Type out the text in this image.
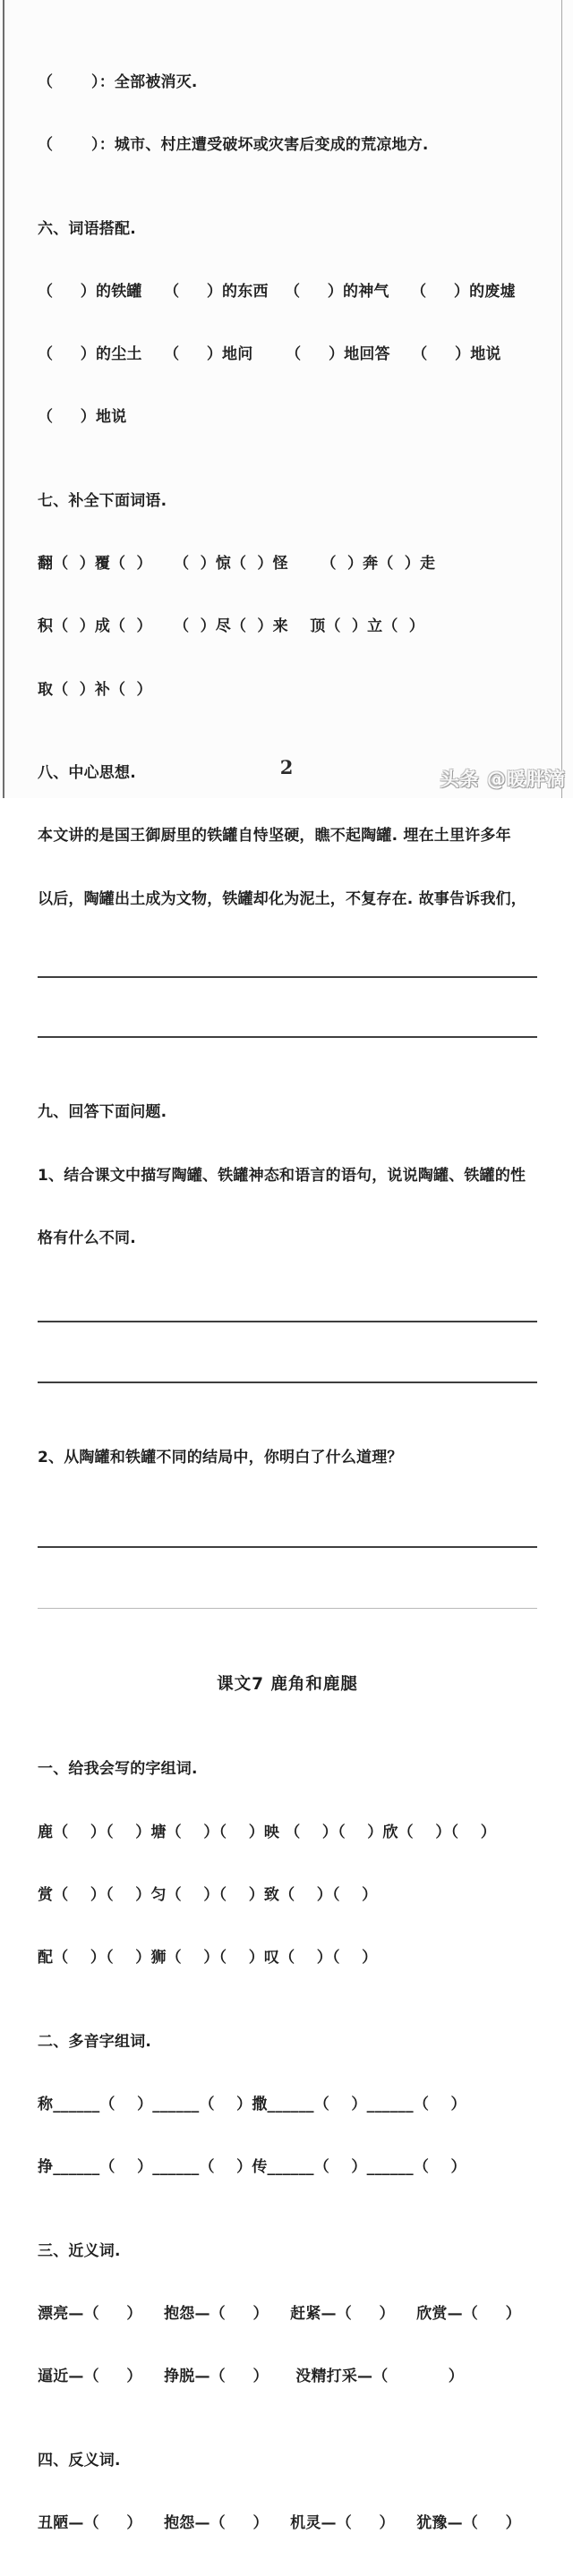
（       ）：全部被消灭.

（       ）：城市、村庄遭受破坏或灾害后变成的荒凉地方.

六、词语搭配.

（     ）的铁罐    （     ）的东西   （     ）的神气    （     ）的废墟

（     ）的尘土    （     ）地问      （     ）地回答    （     ）地说

（     ）地说

七、补全下面词语.

翻（  ）覆（  ）    （  ）惊（  ）怪      （  ）奔（  ）走

积（  ）成（  ）    （  ）尽（  ）来    顶（  ）立（  ）

取（  ）补（  ）

八、中心思想.

本文讲的是国王御厨里的铁罐自恃坚硬，瞧不起陶罐. 埋在土里许多年

以后，陶罐出土成为文物，铁罐却化为泥土，不复存在. 故事告诉我们，

九、回答下面问题.

1、结合课文中描写陶罐、铁罐神态和语言的语句，说说陶罐、铁罐的性

格有什么不同.

2、从陶罐和铁罐不同的结局中，你明白了什么道理？

课文7 鹿角和鹿腿

一、给我会写的字组词.

鹿（    ）（    ）塘（    ）（    ）映 （    ）（    ）欣（    ）（    ）

赏（    ）（    ）匀（    ）（    ）致（    ）（    ）

配（    ）（    ）狮（    ）（    ）叹（    ）（    ）

二、多音字组词.

称______（    ）______（    ）撒______（    ）______（    ）

挣______（    ）______（    ）传______（    ）______（    ）

三、近义词.

漂亮—（     ）    抱怨—（     ）    赶紧—（     ）    欣赏—（     ）

逼近—（     ）    挣脱—（     ）     没精打采—（           ）

四、反义词.

丑陋—（     ）    抱怨—（     ）    机灵—（     ）    犹豫—（     ）

2
头条 @暖胖滴
